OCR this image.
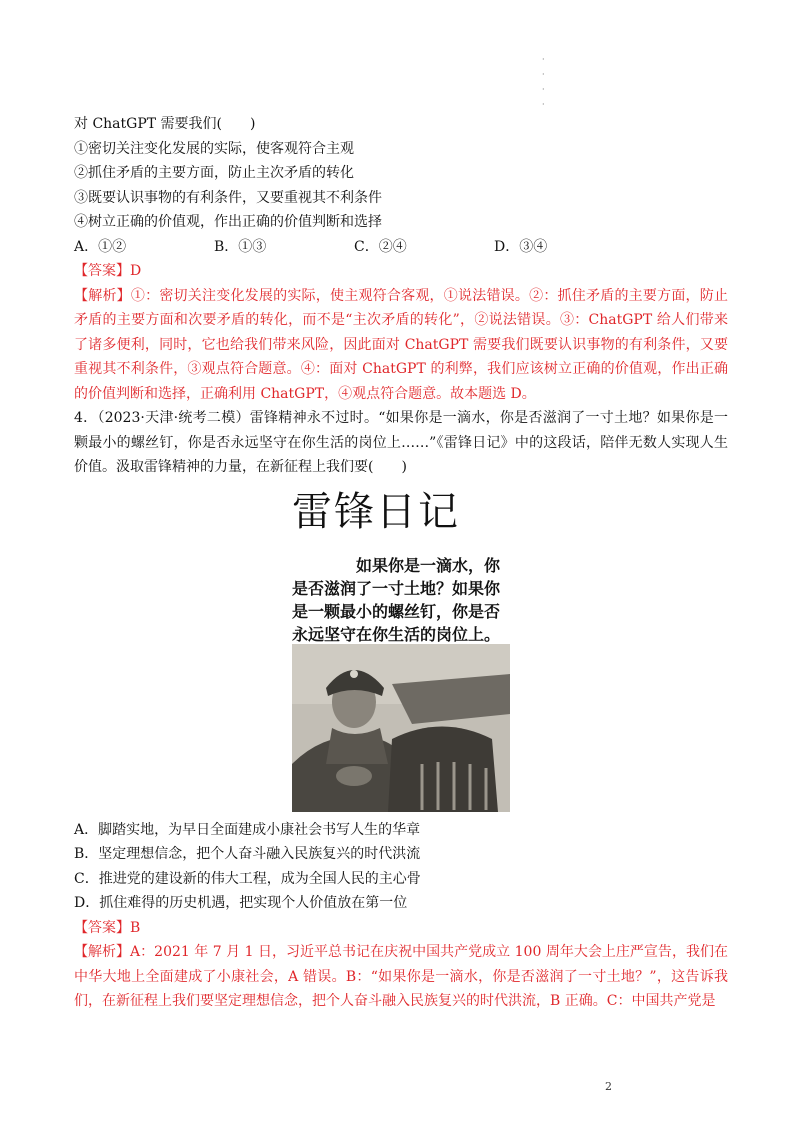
· · · ·
对 ChatGPT 需要我们(　　)
①密切关注变化发展的实际，使客观符合主观
②抓住矛盾的主要方面，防止主次矛盾的转化
③既要认识事物的有利条件，又要重视其不利条件
④树立正确的价值观，作出正确的价值判断和选择
A．①②	B．①③	C．②④	D．③④
【答案】D
【解析】①：密切关注变化发展的实际，使主观符合客观，①说法错误。②：抓住矛盾的主要方面，防止矛盾的主要方面和次要矛盾的转化，而不是“主次矛盾的转化”，②说法错误。③：ChatGPT 给人们带来了诸多便利，同时，它也给我们带来风险，因此面对 ChatGPT 需要我们既要认识事物的有利条件，又要重视其不利条件，③观点符合题意。④：面对 ChatGPT 的利弊，我们应该树立正确的价值观，作出正确的价值判断和选择，正确利用 ChatGPT，④观点符合题意。故本题选 D。
4．（2023·天津·统考二模）雷锋精神永不过时。“如果你是一滴水，你是否滋润了一寸土地？如果你是一颗最小的螺丝钉，你是否永远坚守在你生活的岗位上……”《雷锋日记》中的这段话，陪伴无数人实现人生价值。汲取雷锋精神的力量，在新征程上我们要(　　)
雷锋日记
如果你是一滴水，你是否滋润了一寸土地？如果你是一颗最小的螺丝钉，你是否永远坚守在你生活的岗位上。
A．脚踏实地，为早日全面建成小康社会书写人生的华章
B．坚定理想信念，把个人奋斗融入民族复兴的时代洪流
C．推进党的建设新的伟大工程，成为全国人民的主心骨
D．抓住难得的历史机遇，把实现个人价值放在第一位
【答案】B
【解析】A：2021 年 7 月 1 日，习近平总书记在庆祝中国共产党成立 100 周年大会上庄严宣告，我们在中华大地上全面建成了小康社会，A 错误。B：“如果你是一滴水，你是否滋润了一寸土地？”，这告诉我们，在新征程上我们要坚定理想信念，把个人奋斗融入民族复兴的时代洪流，B 正确。C：中国共产党是
2
